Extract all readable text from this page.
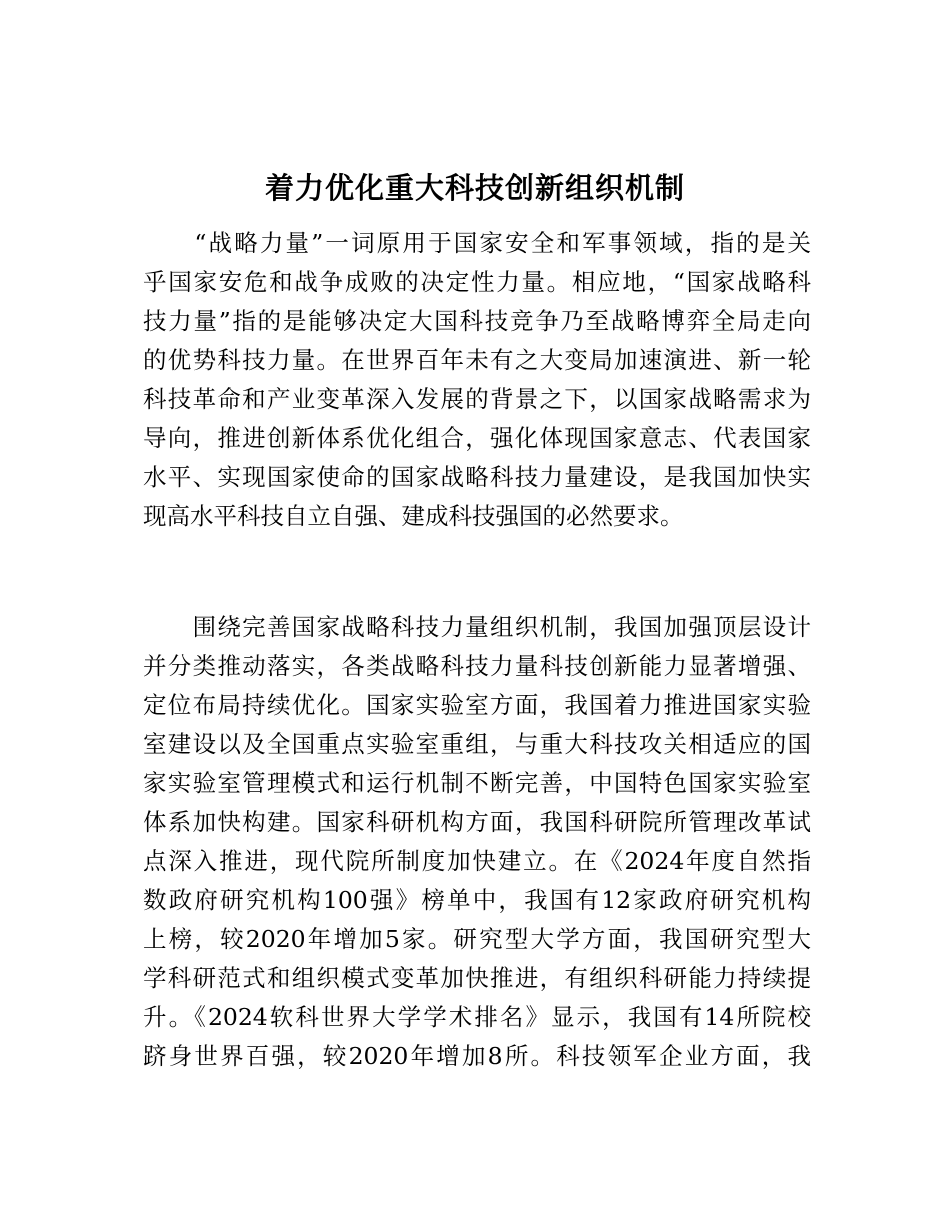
着力优化重大科技创新组织机制
　　“战略力量”一词原用于国家安全和军事领域，指的是关
乎国家安危和战争成败的决定性力量。相应地，“国家战略科
技力量”指的是能够决定大国科技竞争乃至战略博弈全局走向
的优势科技力量。在世界百年未有之大变局加速演进、新一轮
科技革命和产业变革深入发展的背景之下，以国家战略需求为
导向，推进创新体系优化组合，强化体现国家意志、代表国家
水平、实现国家使命的国家战略科技力量建设，是我国加快实
现高水平科技自立自强、建成科技强国的必然要求。
　　围绕完善国家战略科技力量组织机制，我国加强顶层设计
并分类推动落实，各类战略科技力量科技创新能力显著增强、
定位布局持续优化。国家实验室方面，我国着力推进国家实验
室建设以及全国重点实验室重组，与重大科技攻关相适应的国
家实验室管理模式和运行机制不断完善，中国特色国家实验室
体系加快构建。国家科研机构方面，我国科研院所管理改革试
点深入推进，现代院所制度加快建立。在《2024年度自然指
数政府研究机构100强》榜单中，我国有12家政府研究机构
上榜，较2020年增加5家。研究型大学方面，我国研究型大
学科研范式和组织模式变革加快推进，有组织科研能力持续提
升。《2024软科世界大学学术排名》显示，我国有14所院校
跻身世界百强，较2020年增加8所。科技领军企业方面，我
